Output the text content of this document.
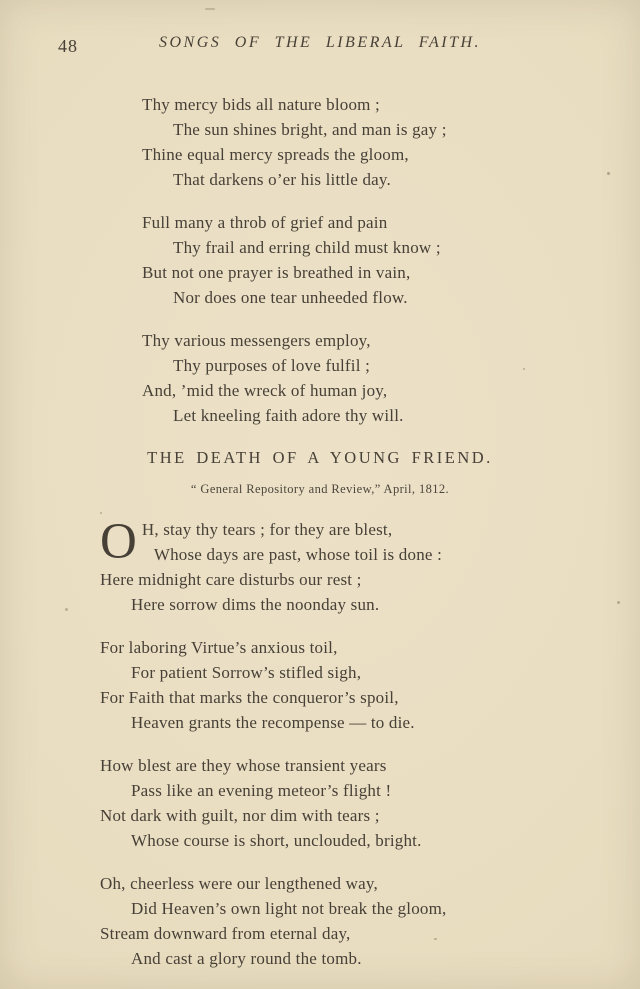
48	SONGS OF THE LIBERAL FAITH.
Thy mercy bids all nature bloom ;
The sun shines bright, and man is gay ;
Thine equal mercy spreads the gloom,
That darkens o’er his little day.
Full many a throb of grief and pain
Thy frail and erring child must know ;
But not one prayer is breathed in vain,
Nor does one tear unheeded flow.
Thy various messengers employ,
Thy purposes of love fulfil ;
And, ’mid the wreck of human joy,
Let kneeling faith adore thy will.
THE DEATH OF A YOUNG FRIEND.
“ General Repository and Review,” April, 1812.
O H, stay thy tears ; for they are blest,
Whose days are past, whose toil is done :
Here midnight care disturbs our rest ;
Here sorrow dims the noonday sun.
For laboring Virtue’s anxious toil,
For patient Sorrow’s stifled sigh,
For Faith that marks the conqueror’s spoil,
Heaven grants the recompense — to die.
How blest are they whose transient years
Pass like an evening meteor’s flight !
Not dark with guilt, nor dim with tears ;
Whose course is short, unclouded, bright.
Oh, cheerless were our lengthened way,
Did Heaven’s own light not break the gloom,
Stream downward from eternal day,
And cast a glory round the tomb.
